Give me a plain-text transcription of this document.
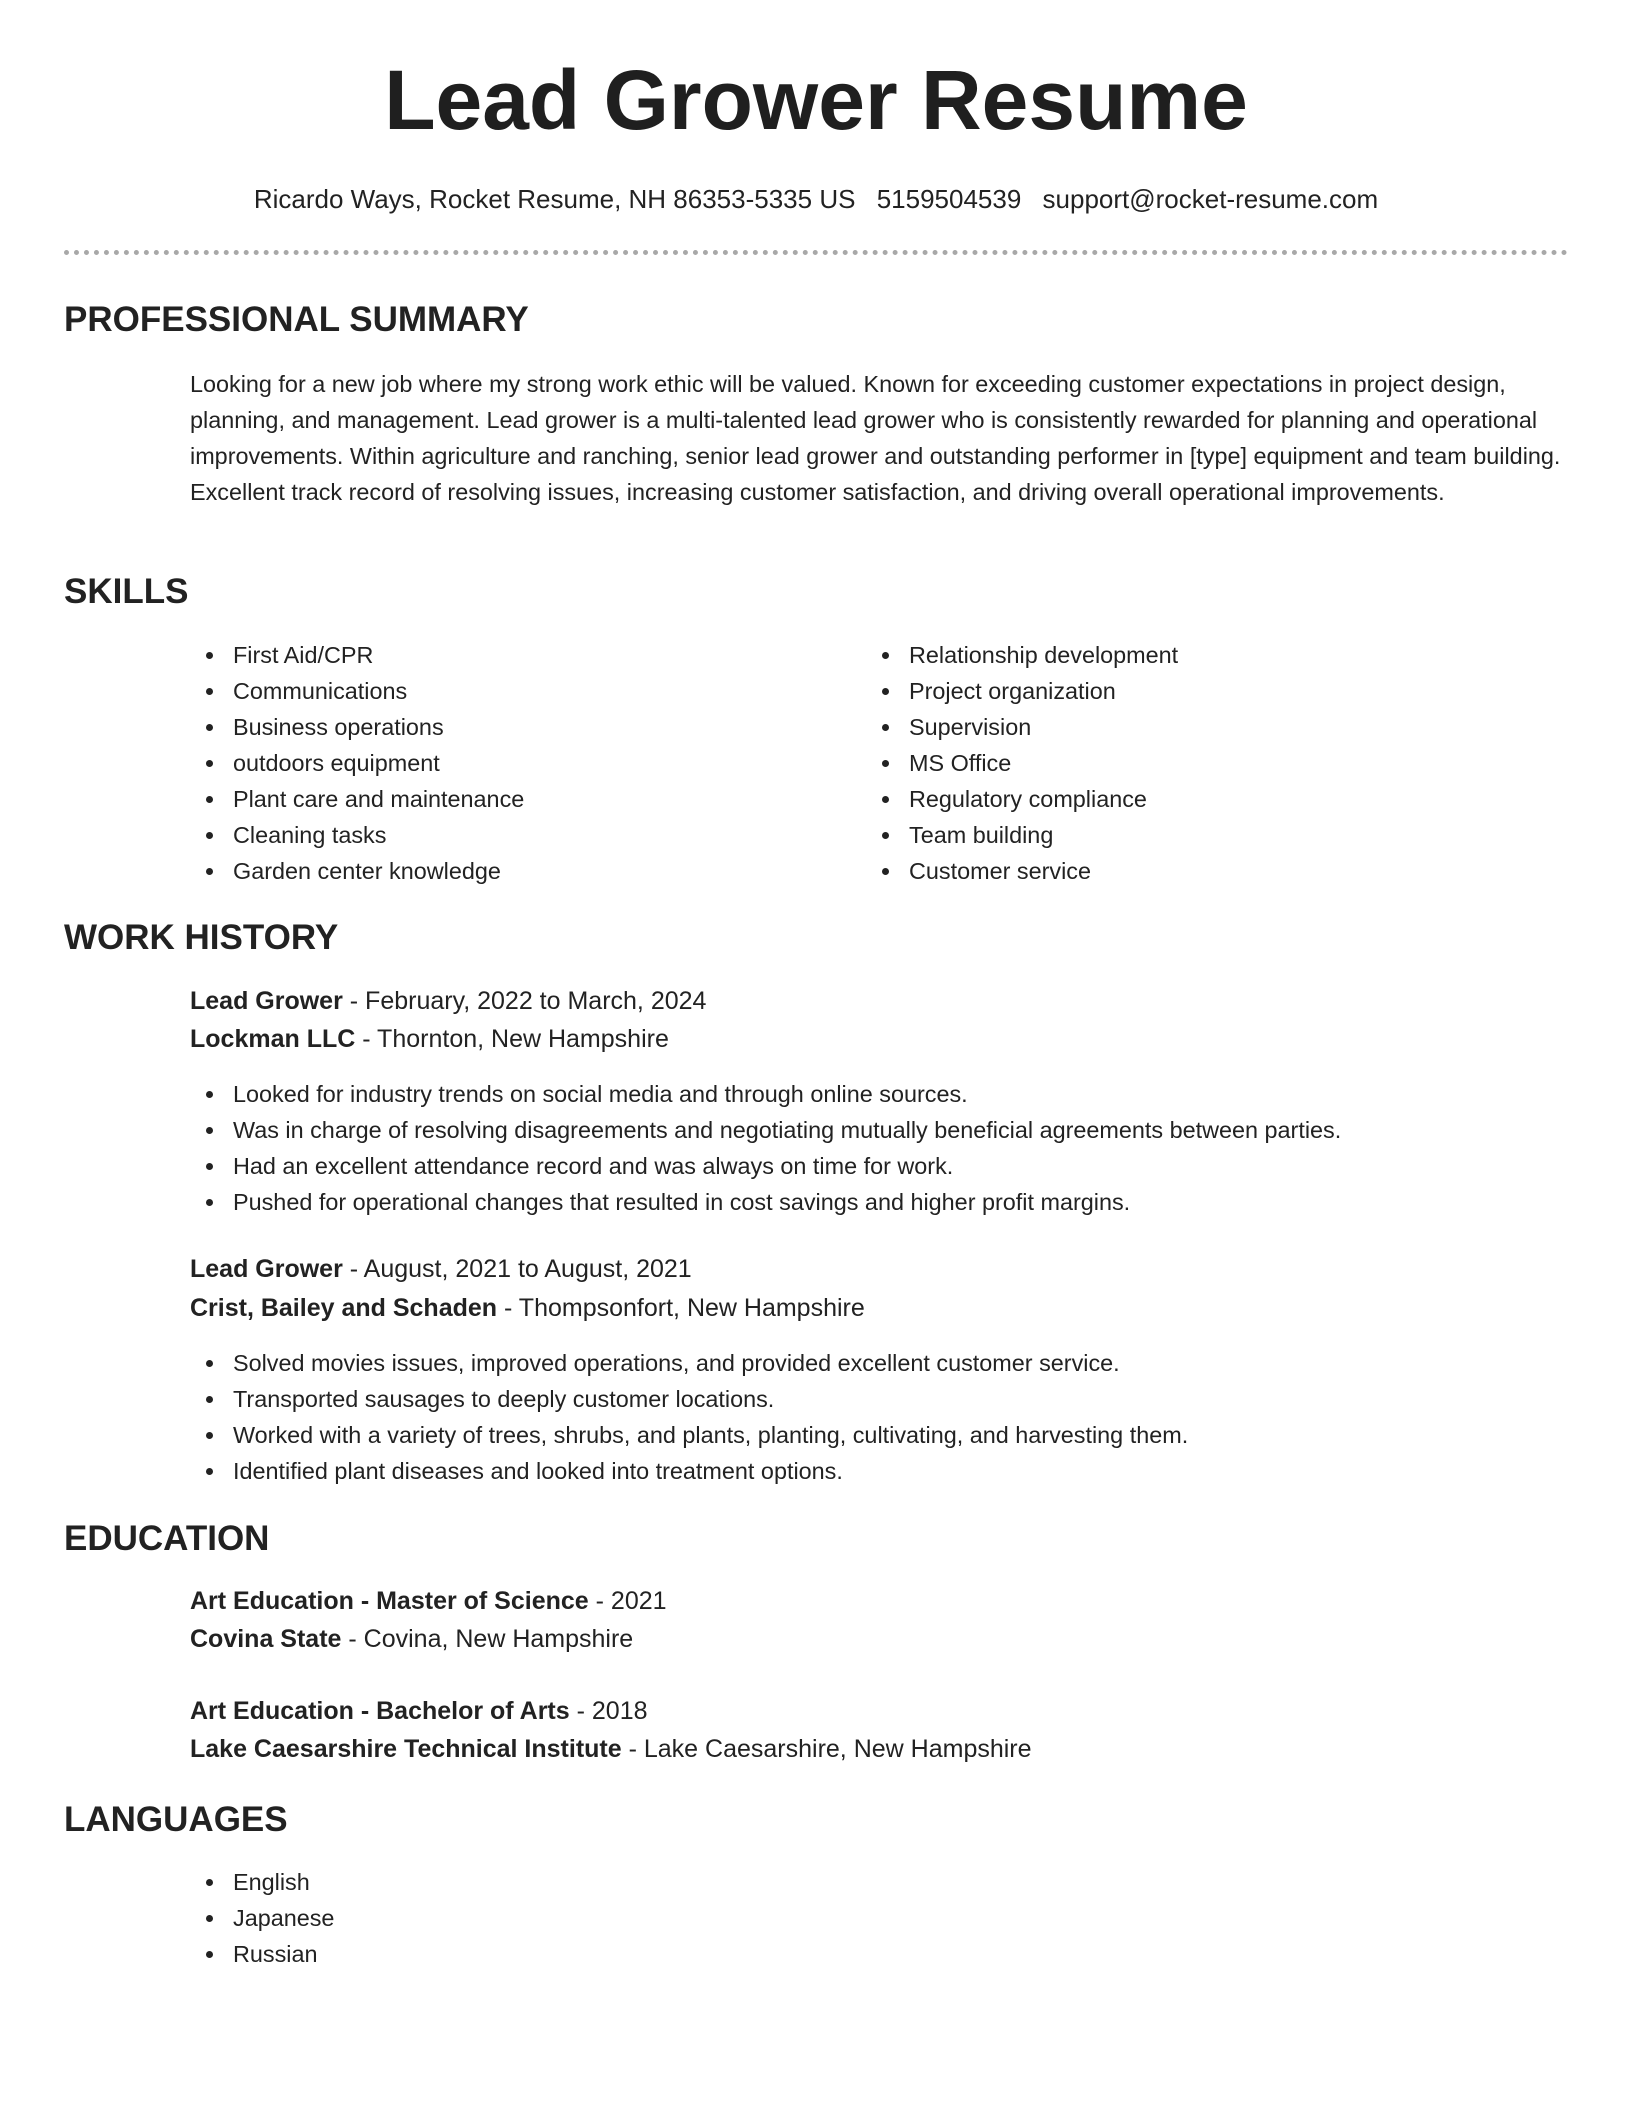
Lead Grower Resume
Ricardo Ways, Rocket Resume, NH 86353-5335 US 5159504539 support@rocket-resume.com
PROFESSIONAL SUMMARY

Looking for a new job where my strong work ethic will be valued. Known for exceeding customer expectations in project design, planning, and management. Lead grower is a multi-talented lead grower who is consistently rewarded for planning and operational improvements. Within agriculture and ranching, senior lead grower and outstanding performer in [type] equipment and team building. Excellent track record of resolving issues, increasing customer satisfaction, and driving overall operational improvements.

SKILLS
First Aid/CPR
Communications
Business operations
outdoors equipment
Plant care and maintenance
Cleaning tasks
Garden center knowledge
Relationship development
Project organization
Supervision
MS Office
Regulatory compliance
Team building
Customer service
WORK HISTORY

Lead Grower - February, 2022 to March, 2024

Lockman LLC - Thornton, New Hampshire

Looked for industry trends on social media and through online sources.
Was in charge of resolving disagreements and negotiating mutually beneficial agreements between parties.
Had an excellent attendance record and was always on time for work.
Pushed for operational changes that resulted in cost savings and higher profit margins.

Lead Grower - August, 2021 to August, 2021

Crist, Bailey and Schaden - Thompsonfort, New Hampshire

Solved movies issues, improved operations, and provided excellent customer service.
Transported sausages to deeply customer locations.
Worked with a variety of trees, shrubs, and plants, planting, cultivating, and harvesting them.
Identified plant diseases and looked into treatment options.
EDUCATION

Art Education - Master of Science - 2021

Covina State - Covina, New Hampshire

Art Education - Bachelor of Arts - 2018

Lake Caesarshire Technical Institute - Lake Caesarshire, New Hampshire

LANGUAGES
English
Japanese
Russian
